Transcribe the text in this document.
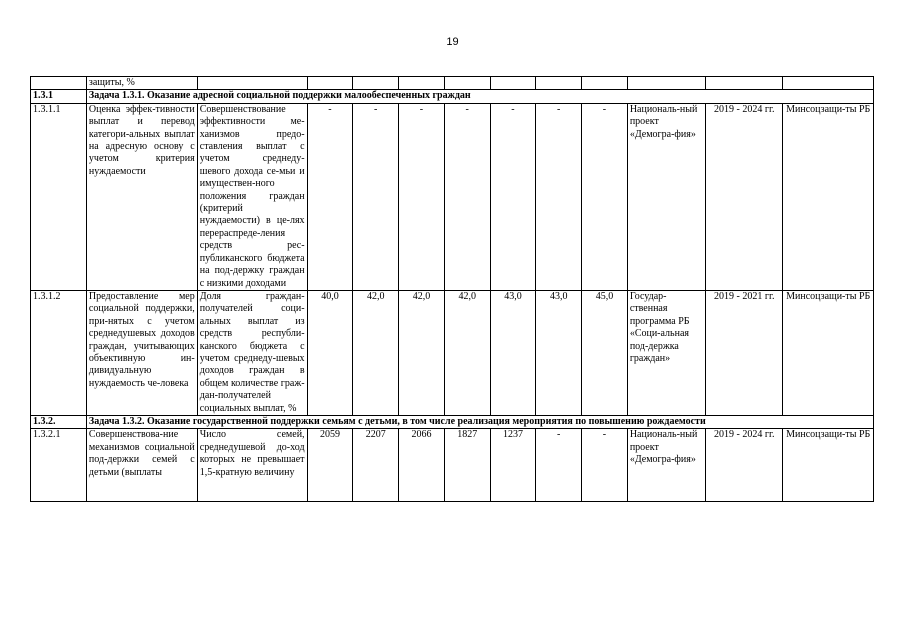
19
	защиты, %											
1.3.1	Задача 1.3.1. Оказание адресной социальной поддержки малообеспеченных граждан											
1.3.1.1	Оценка эффек-тивности выплат и перевод категори-альных выплат на адресную основу с учетом критерия нуждаемости	Совершенствование эффективности ме-ханизмов предо-ставления выплат с учетом среднеду-шевого дохода се-мьи и имуществен-ного положения граждан (критерий нуждаемости) в це-лях перераспреде-ления средств рес-публиканского бюджета на под-держку граждан с низкими доходами	-	-	-	-	-	-	-	Националь-ный проект «Демогра-фия»	2019 - 2024 гг.	Минсоцзащи-ты РБ
1.3.1.2	Предоставление мер социальной поддержки, при-нятых с учетом среднедушевых доходов граждан, учитывающих объективную ин-дивидуальную нуждаемость че-ловека	Доля граждан-получателей соци-альных выплат из средств республи-канского бюджета с учетом среднеду-шевых доходов граждан в общем количестве граж-дан-получателей социальных выплат, %	40,0	42,0	42,0	42,0	43,0	43,0	45,0	Государ-ственная программа РБ «Соци-альная под-держка граждан»	2019 - 2021 гг.	Минсоцзащи-ты РБ
1.3.2.	Задача 1.3.2. Оказание государственной поддержки семьям с детьми, в том числе реализация мероприятия по повышению рождаемости											
1.3.2.1	Совершенствова-ние механизмов социальной под-держки семей с детьми (выплаты	Число семей, среднедушевой до-ход которых не превышает 1,5-кратную величину	2059	2207	2066	1827	1237	-	-	Националь-ный проект «Демогра-фия»	2019 - 2024 гг.	Минсоцзащи-ты РБ
